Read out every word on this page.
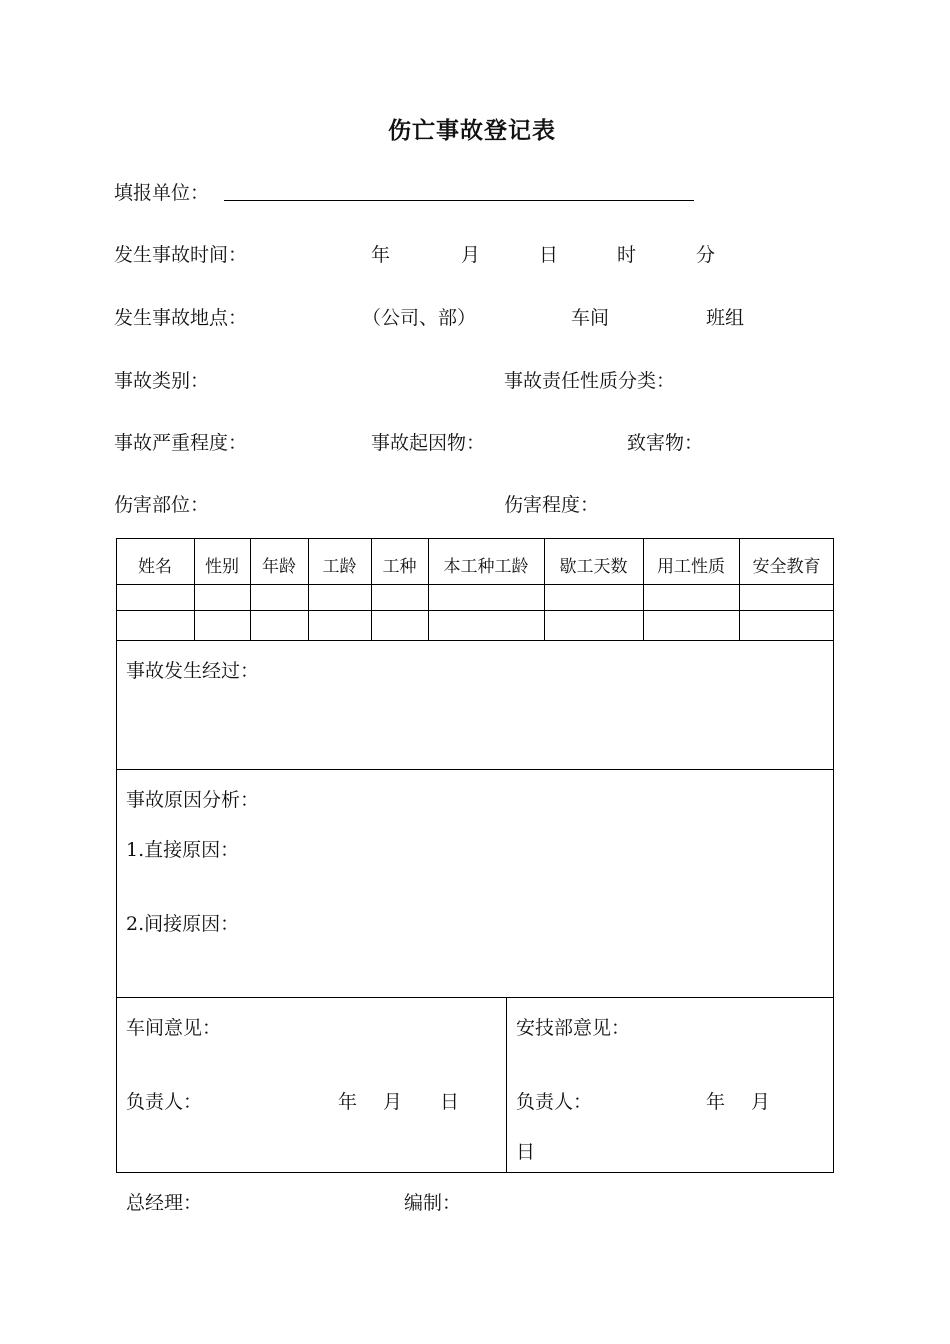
伤亡事故登记表
填报单位：
发生事故时间：	年	月	日	时	分
发生事故地点：	（公司、部）	车间	班组
事故类别：	事故责任性质分类：
事故严重程度：	事故起因物：	致害物：
伤害部位：	伤害程度：
姓名	性别	年龄	工龄	工种	本工种工龄	歇工天数	用工性质	安全教育
事故发生经过：
事故原因分析：
1.直接原因：
2.间接原因：
车间意见：
负责人：	年 月 日
安技部意见：
负责人：	年 月
日
总经理：	编制：
